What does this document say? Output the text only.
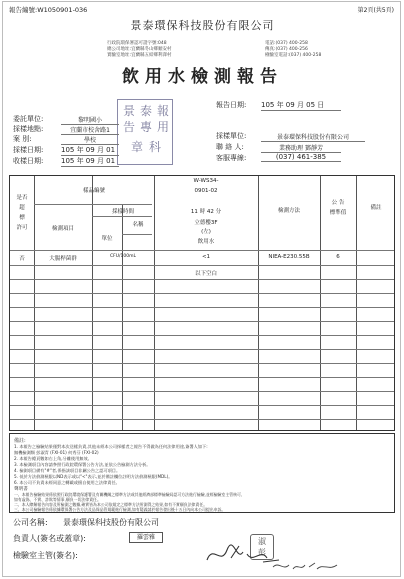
報告編號:W1050901-036	第2頁(共5頁)
景泰環保科技股份有限公司
行政院環保署認可證字號:048
總公司地址:宜蘭縣冬山鄉順安村
實驗室地址:宜蘭縣五結鄉利澤村
電話:(037) 400-258
傳真:(037) 400-256
檢驗室電話:(037) 400-258
飲用水檢測報告
景 泰 報
告 專 用
章 科
報告日期: 105 年 09 月 05 日
委託單位:	黎明國小
採樣地點:	宜蘭市校舍路1
案 別:	學校
採樣日期:	105 年 09 月 01
收樣日期:	105 年 09 月 01
採樣單位:	景泰環保科技股份有限公司
聯 絡 人:	業務助理 鄧靜芳
客服專線:	(037) 461-385
是否
超
標
許可
樣品編號
W-WS34-
0901-02
採樣時間	11 時 42 分
檢測項目
名稱
單位
立德樓3F
(左)
飲用水
檢測方法
公 告
標準值
備註
否	大腸桿菌群	CFU/100mL	<1	NIEA-E230.55B	6
以下空白
備註:
1. 本報告之檢驗結果僅對本次送樣負責,其他未經本公司採樣者之報告不得做為任何法律用途,簽署人如下:
無機檢測類 彭淑青 (FXI-01) 何秀芬 (FXI-02)
2. 本報告總頁數如右上角,分離使用無效。
3. 本檢測項目內容請參照行政院環保署公告方法,並依公告檢測方法分析。
4. 檢測項目備有"#"者,係指該項目非屬公告之認可項目。
5. 低於方法偵測極限以ND表示或以"<"表示,並於備註欄位註明方法偵測極限(MDL)。
6. 本公司不負責未經同意之轉載或擅自使用之法律責任。
聲明書
一、本報告檢驗結果係依照行政院環境保護署及有關機關之標準方法或其他經濟部標準檢驗局認可方法進行檢驗,並經檢驗室主管核可,
如有虛偽、不實、詐欺等情事,願負一切法律責任。
二、本人瞭解報告內容及所檢測之數據,確實皆為本公司依規定之標準方法所測得之結果,如有不實願負法律責任。
三、本公司檢驗報告係依據環保署公告方法及品保品管規範進行檢測,如有疑義請於報告發出後十五日內向本公司提出申訴。
公司名稱: 景泰環保科技股份有限公司
負責人(簽名或蓋章):	羅雲雅
檢驗室主管(簽名):
淑
彭
